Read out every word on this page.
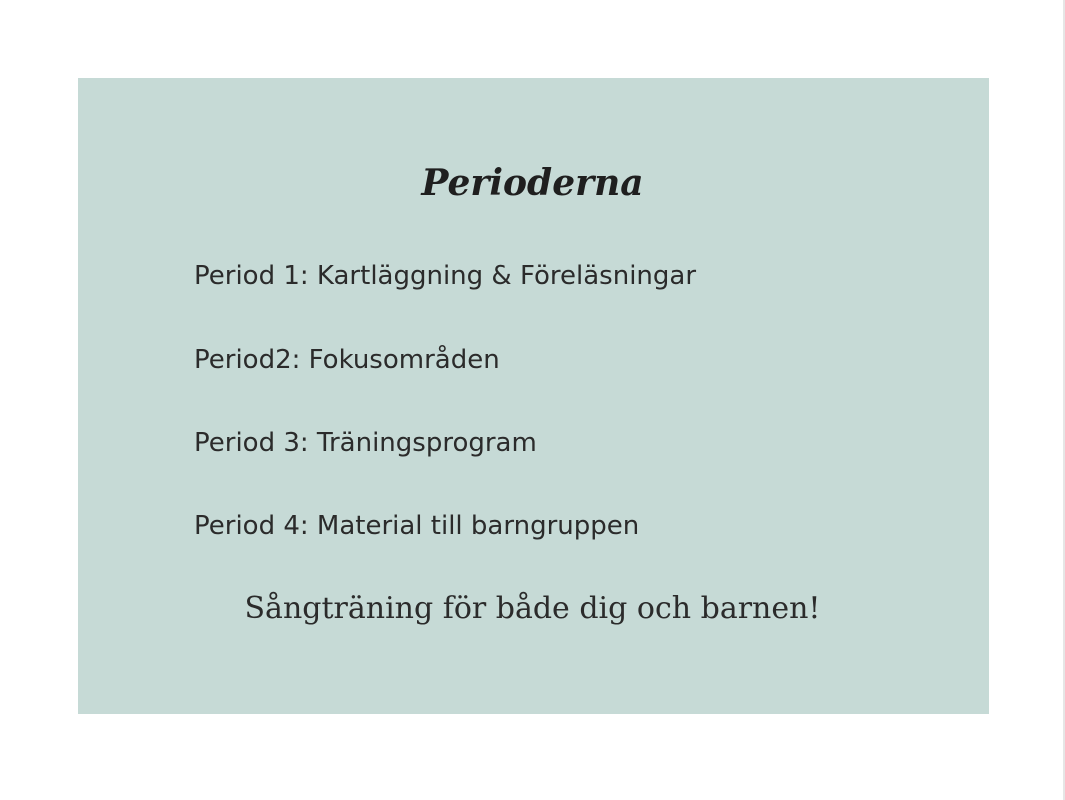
Perioderna

Period 1: Kartläggning & Föreläsningar

Period2: Fokusområden

Period 3: Träningsprogram

Period 4: Material till barngruppen

Sångträning för både dig och barnen!
